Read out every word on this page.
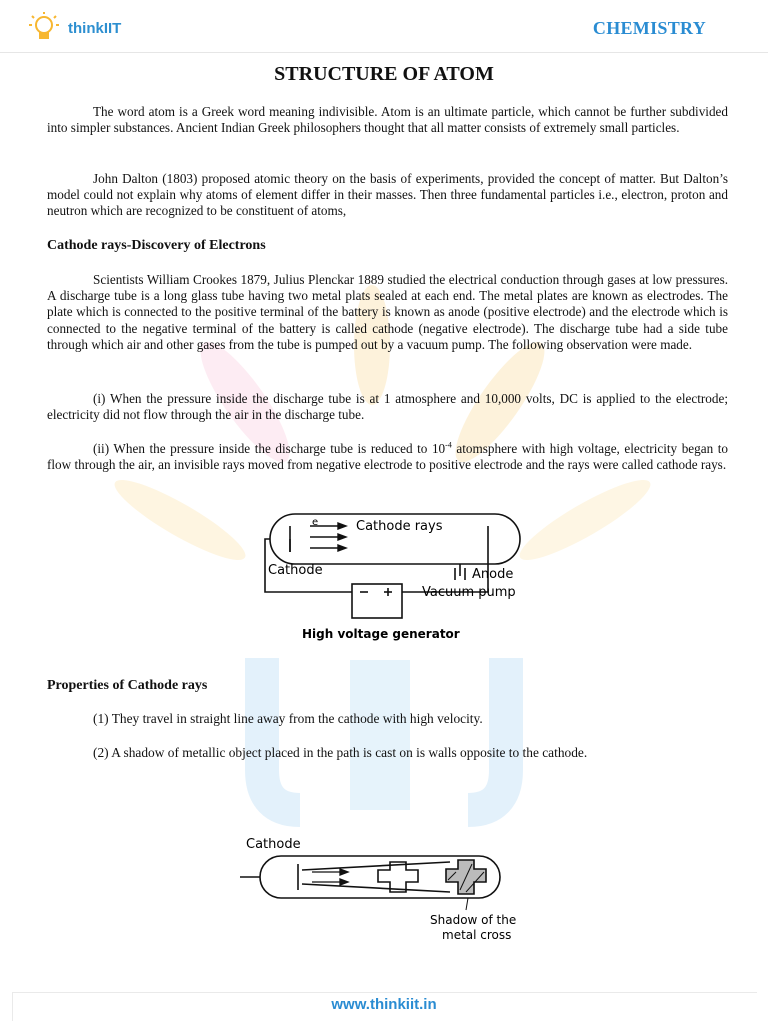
thinkIIT	CHEMISTRY
STRUCTURE OF ATOM
The word atom is a Greek word meaning indivisible. Atom is an ultimate particle, which cannot be further subdivided into simpler substances. Ancient Indian Greek philosophers thought that all matter consists of extremely small particles.
John Dalton (1803) proposed atomic theory on the basis of experiments, provided the concept of matter. But Dalton’s model could not explain why atoms of element differ in their masses. Then three fundamental particles i.e., electron, proton and neutron which are recognized to be constituent of atoms,
Cathode rays-Discovery of Electrons
Scientists William Crookes 1879, Julius Plenckar 1889 studied the electrical conduction through gases at low pressures. A discharge tube is a long glass tube having two metal plats sealed at each end. The metal plates are known as electrodes. The plate which is connected to the positive terminal of the battery is known as anode (positive electrode) and the electrode which is connected to the negative terminal of the battery is called cathode (negative electrode). The discharge tube had a side tube through which air and other gases from the tube is pumped out by a vacuum pump. The following observation were made.
(i) When the pressure inside the discharge tube is at 1 atmosphere and 10,000 volts, DC is applied to the electrode; electricity did not flow through the air in the discharge tube.
(ii) When the pressure inside the discharge tube is reduced to $10^{-4}$ atomsphere with high voltage, electricity began to flow through the air, an invisible rays moved from negative electrode to positive electrode and the rays were called cathode rays.
e	Cathode rays
Cathode	Anode
Vacuum pump
High voltage generator
Properties of Cathode rays
(1) They travel in straight line away from the cathode with high velocity.
(2) A shadow of metallic object placed in the path is cast on is walls opposite to the cathode.
Cathode
Shadow of the
metal cross
www.thinkiit.in
